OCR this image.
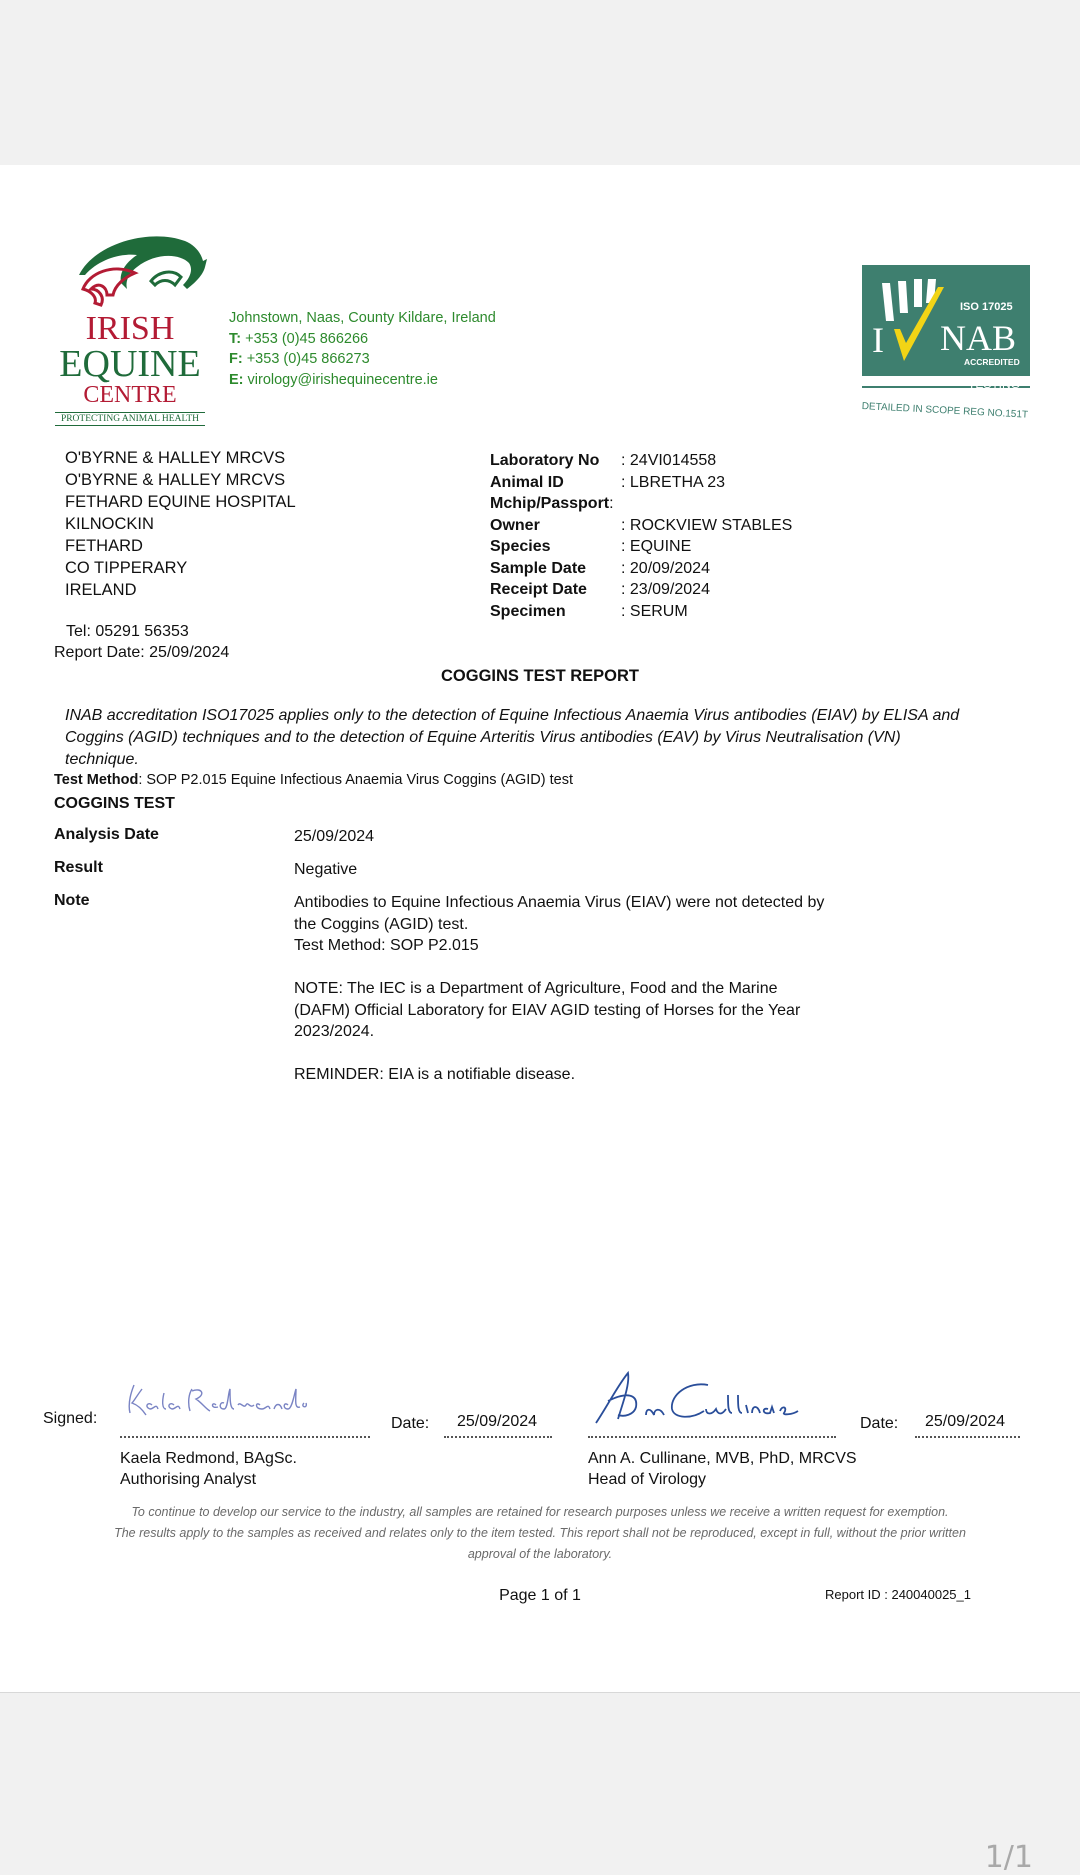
IRISH
EQUINE
CENTRE
PROTECTING ANIMAL HEALTH
Johnstown, Naas, County Kildare, Ireland
T: +353 (0)45 866266
F: +353 (0)45 866273
E: virology@irishequinecentre.ie
ISO 17025
I NAB
ACCREDITED
TESTING
DETAILED IN SCOPE REG NO.151T
O'BYRNE & HALLEY MRCVS
O'BYRNE & HALLEY MRCVS
FETHARD EQUINE HOSPITAL
KILNOCKIN
FETHARD
CO TIPPERARY
IRELAND
Tel: 05291 56353
Report Date: 25/09/2024
Laboratory No	: 24VI014558
Animal ID	: LBRETHA 23
Mchip/Passport :
Owner	: ROCKVIEW STABLES
Species	: EQUINE
Sample Date	: 20/09/2024
Receipt Date	: 23/09/2024
Specimen	: SERUM
COGGINS TEST REPORT
INAB accreditation ISO17025 applies only to the detection of Equine Infectious Anaemia Virus antibodies (EIAV) by ELISA and Coggins (AGID) techniques and to the detection of Equine Arteritis Virus antibodies (EAV) by Virus Neutralisation (VN) technique.
Test Method: SOP P2.015 Equine Infectious Anaemia Virus Coggins (AGID) test
COGGINS TEST
Analysis Date	25/09/2024
Result	Negative
Note	Antibodies to Equine Infectious Anaemia Virus (EIAV) were not detected by

the Coggins (AGID) test.

Test Method: SOP P2.015

NOTE: The IEC is a Department of Agriculture, Food and the Marine

(DAFM) Official Laboratory for EIAV AGID testing of Horses for the Year

2023/2024.

REMINDER: EIA is a notifiable disease.

Signed:	Date: 25/09/2024
Kaela Redmond, BAgSc.
Authorising Analyst
Date: 25/09/2024
Ann A. Cullinane, MVB, PhD, MRCVS
Head of Virology
To continue to develop our service to the industry, all samples are retained for research purposes unless we receive a written request for exemption.
The results apply to the samples as received and relates only to the item tested. This report shall not be reproduced, except in full, without the prior written approval of the laboratory.
Page 1 of 1	Report ID : 240040025_1
1/1
